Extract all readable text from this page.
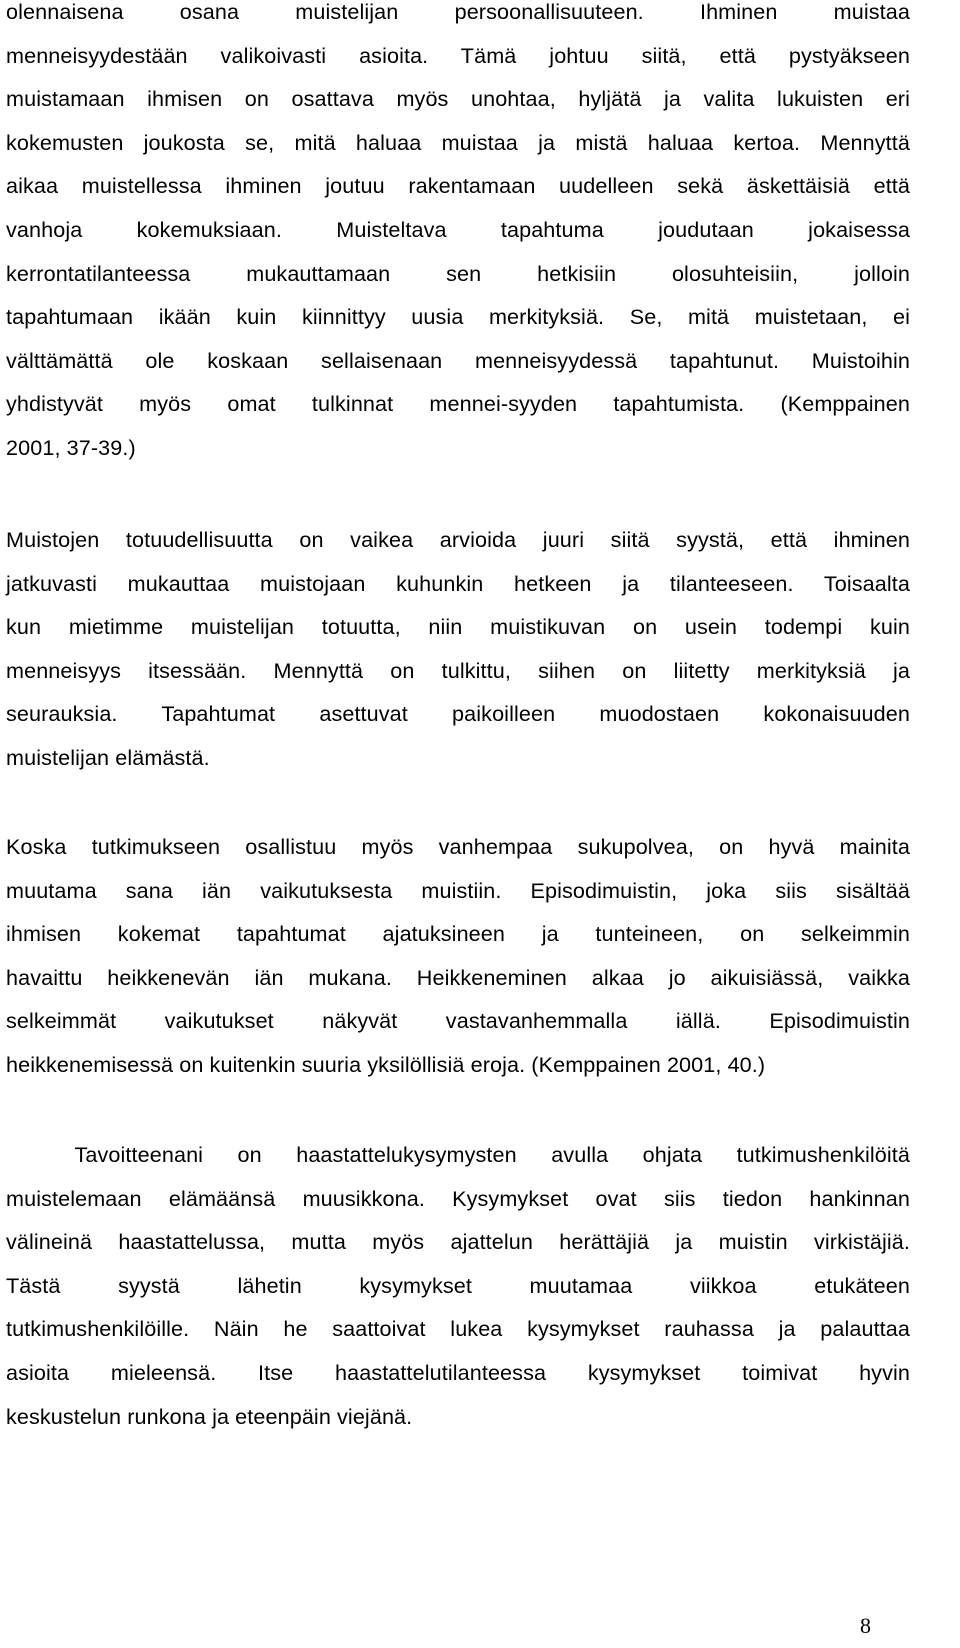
olennaisena osana muistelijan persoonallisuuteen. Ihminen muistaa
menneisyydestään valikoivasti asioita. Tämä johtuu siitä, että pystyäkseen
muistamaan ihmisen on osattava myös unohtaa, hyljätä ja valita lukuisten eri
kokemusten joukosta se, mitä haluaa muistaa ja mistä haluaa kertoa. Mennyttä
aikaa muistellessa ihminen joutuu rakentamaan uudelleen sekä äskettäisiä että
vanhoja kokemuksiaan. Muisteltava tapahtuma joudutaan jokaisessa
kerrontatilanteessa mukauttamaan sen hetkisiin olosuhteisiin, jolloin
tapahtumaan ikään kuin kiinnittyy uusia merkityksiä. Se, mitä muistetaan, ei
välttämättä ole koskaan sellaisenaan menneisyydessä tapahtunut. Muistoihin
yhdistyvät myös omat tulkinnat mennei-syyden tapahtumista. (Kemppainen
2001, 37-39.)
Muistojen totuudellisuutta on vaikea arvioida juuri siitä syystä, että ihminen
jatkuvasti mukauttaa muistojaan kuhunkin hetkeen ja tilanteeseen. Toisaalta
kun mietimme muistelijan totuutta, niin muistikuvan on usein todempi kuin
menneisyys itsessään. Mennyttä on tulkittu, siihen on liitetty merkityksiä ja
seurauksia. Tapahtumat asettuvat paikoilleen muodostaen kokonaisuuden
muistelijan elämästä.
Koska tutkimukseen osallistuu myös vanhempaa sukupolvea, on hyvä mainita
muutama sana iän vaikutuksesta muistiin. Episodimuistin, joka siis sisältää
ihmisen kokemat tapahtumat ajatuksineen ja tunteineen, on selkeimmin
havaittu heikkenevän iän mukana. Heikkeneminen alkaa jo aikuisiässä, vaikka
selkeimmät vaikutukset näkyvät vastavanhemmalla iällä. Episodimuistin
heikkenemisessä on kuitenkin suuria yksilöllisiä eroja. (Kemppainen 2001, 40.)
Tavoitteenani on haastattelukysymysten avulla ohjata tutkimushenkilöitä
muistelemaan elämäänsä muusikkona. Kysymykset ovat siis tiedon hankinnan
välineinä haastattelussa, mutta myös ajattelun herättäjiä ja muistin virkistäjiä.
Tästä syystä lähetin kysymykset muutamaa viikkoa etukäteen
tutkimushenkilöille. Näin he saattoivat lukea kysymykset rauhassa ja palauttaa
asioita mieleensä. Itse haastattelutilanteessa kysymykset toimivat hyvin
keskustelun runkona ja eteenpäin viejänä.
8
